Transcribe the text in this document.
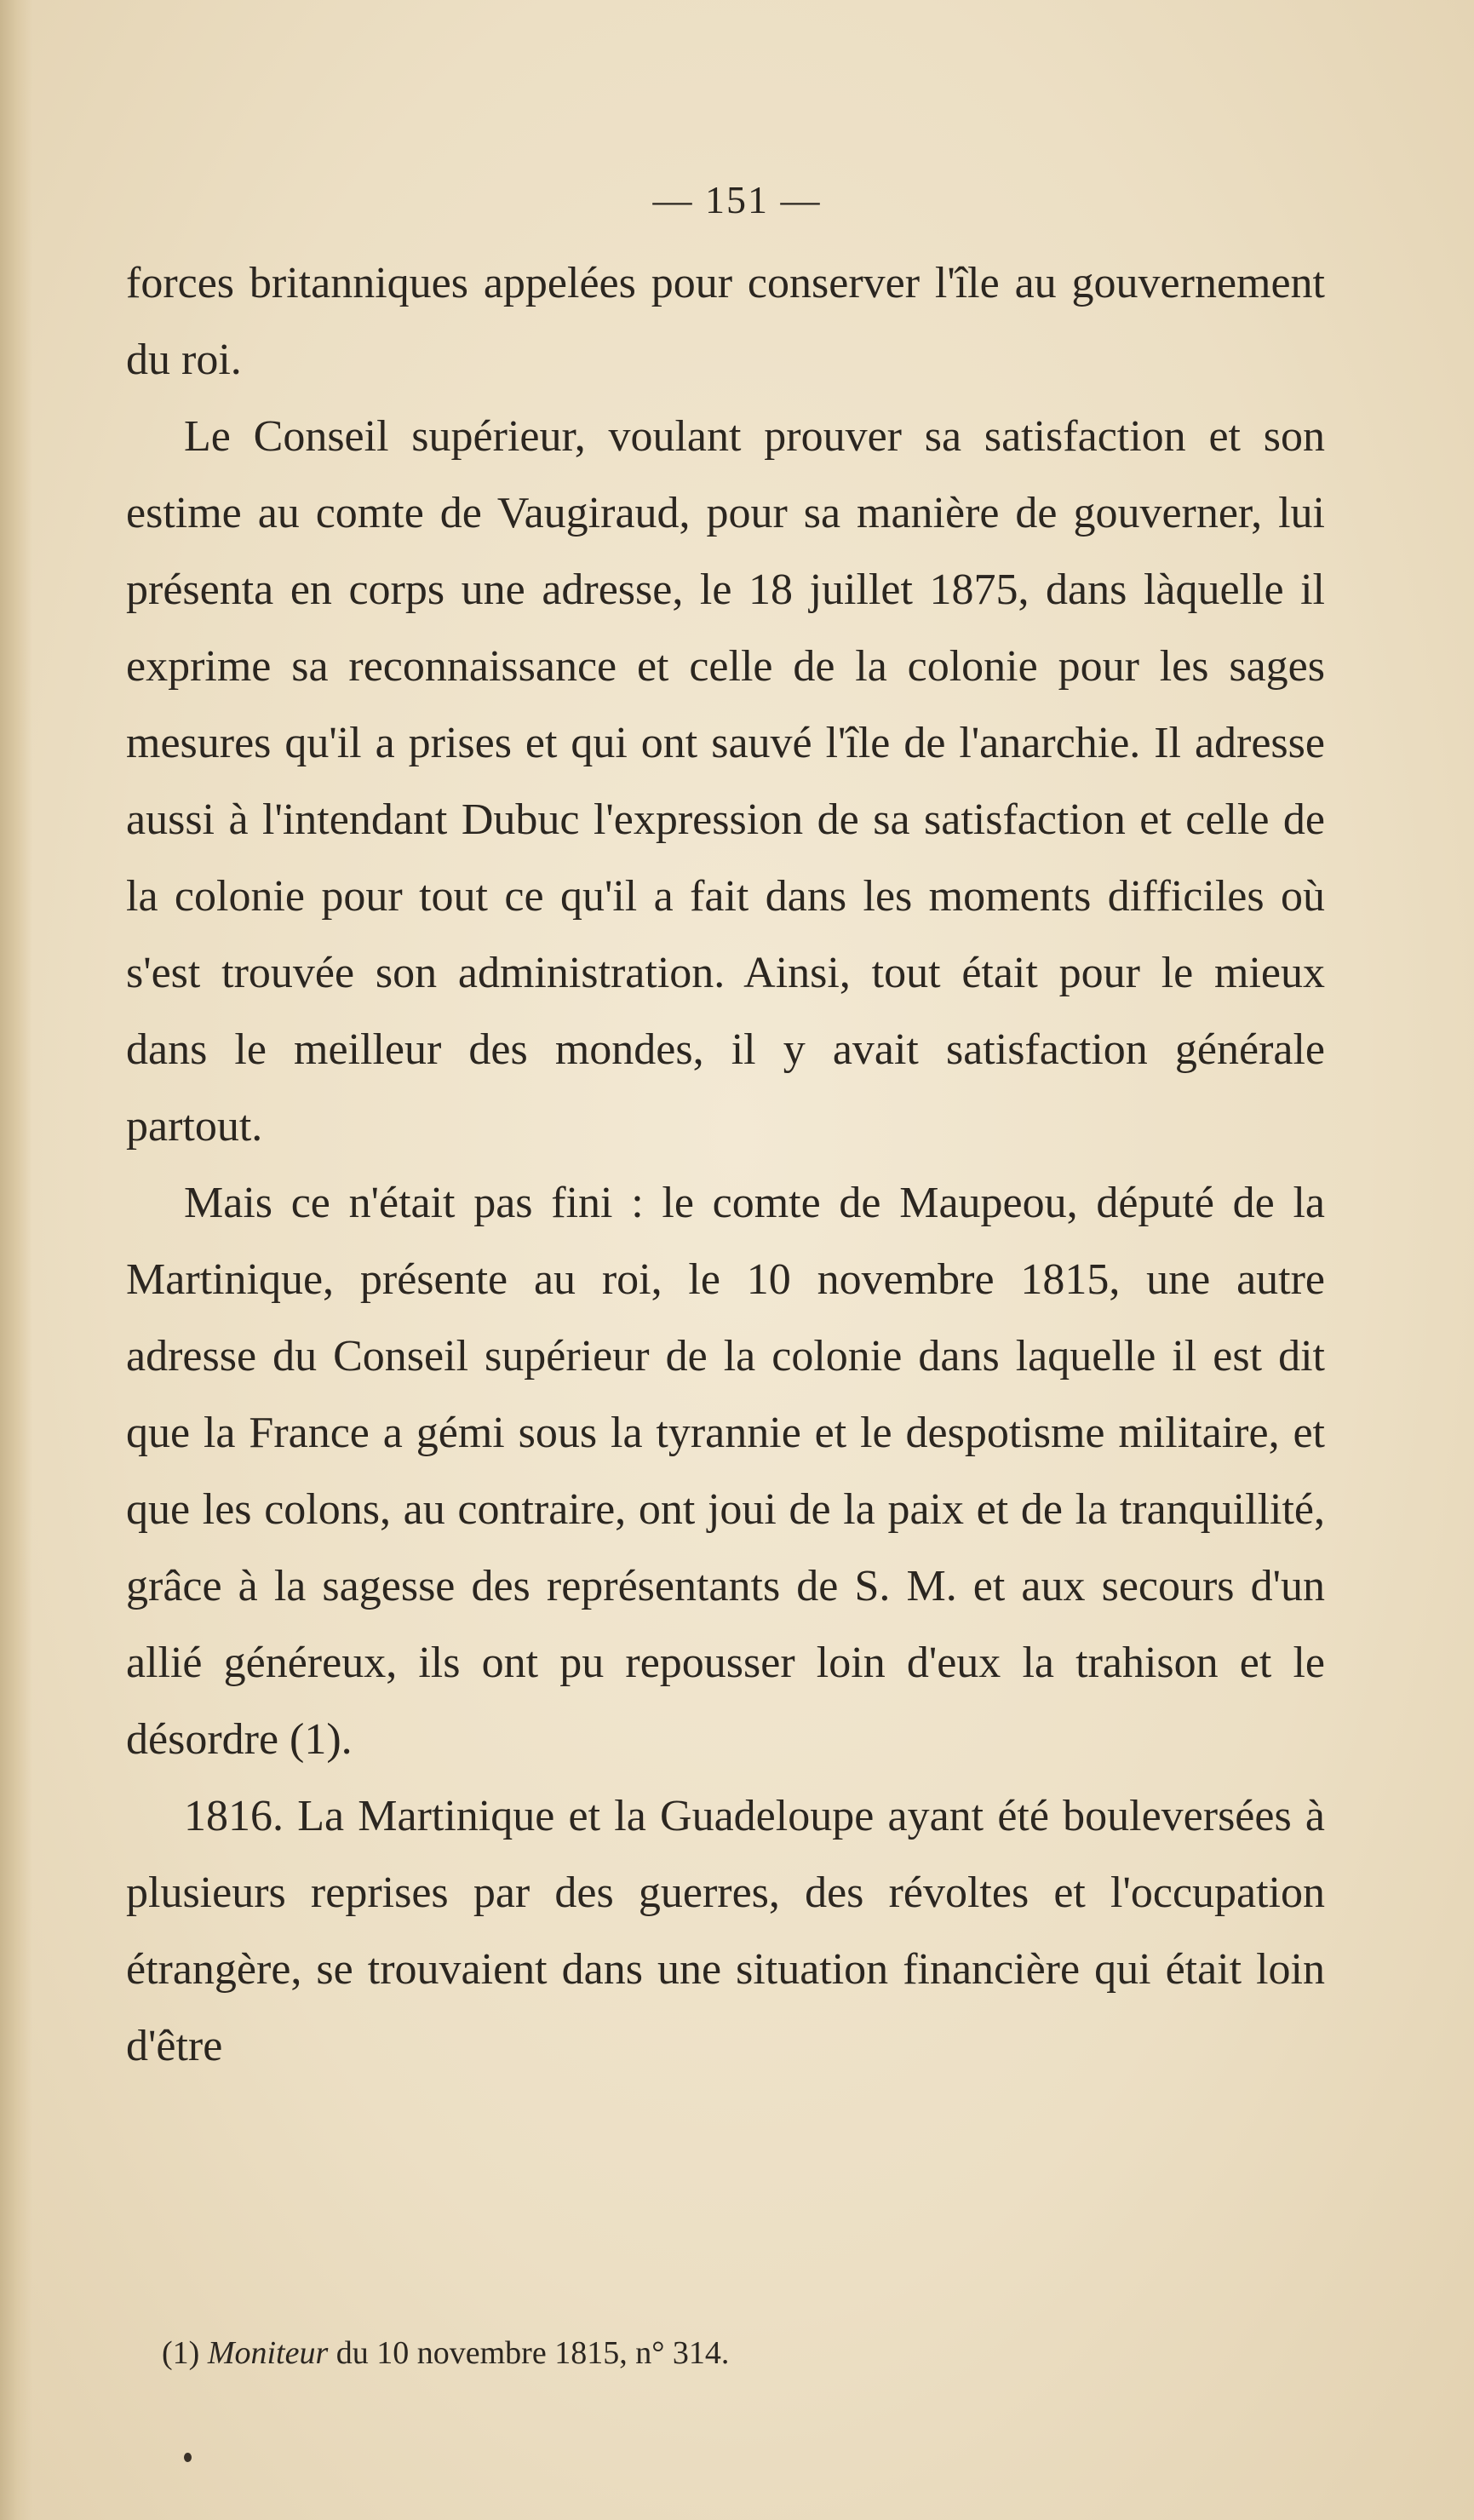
— 151 —

forces britanniques appelées pour conserver l'île au gouvernement du roi.

Le Conseil supérieur, voulant prouver sa satisfaction et son estime au comte de Vaugiraud, pour sa manière de gouverner, lui présenta en corps une adresse, le 18 juillet 1875, dans làquelle il exprime sa reconnaissance et celle de la colonie pour les sages mesures qu'il a prises et qui ont sauvé l'île de l'anarchie. Il adresse aussi à l'intendant Dubuc l'expression de sa satisfaction et celle de la colonie pour tout ce qu'il a fait dans les moments difficiles où s'est trouvée son administration. Ainsi, tout était pour le mieux dans le meilleur des mondes, il y avait satisfaction générale partout.

Mais ce n'était pas fini : le comte de Maupeou, député de la Martinique, présente au roi, le 10 novembre 1815, une autre adresse du Conseil supérieur de la colonie dans laquelle il est dit que la France a gémi sous la tyrannie et le despotisme militaire, et que les colons, au contraire, ont joui de la paix et de la tranquillité, grâce à la sagesse des représentants de S. M. et aux secours d'un allié généreux, ils ont pu repousser loin d'eux la trahison et le désordre (1).

1816. La Martinique et la Guadeloupe ayant été bouleversées à plusieurs reprises par des guerres, des révoltes et l'occupation étrangère, se trouvaient dans une situation financière qui était loin d'être

(1) Moniteur du 10 novembre 1815, n° 314.
